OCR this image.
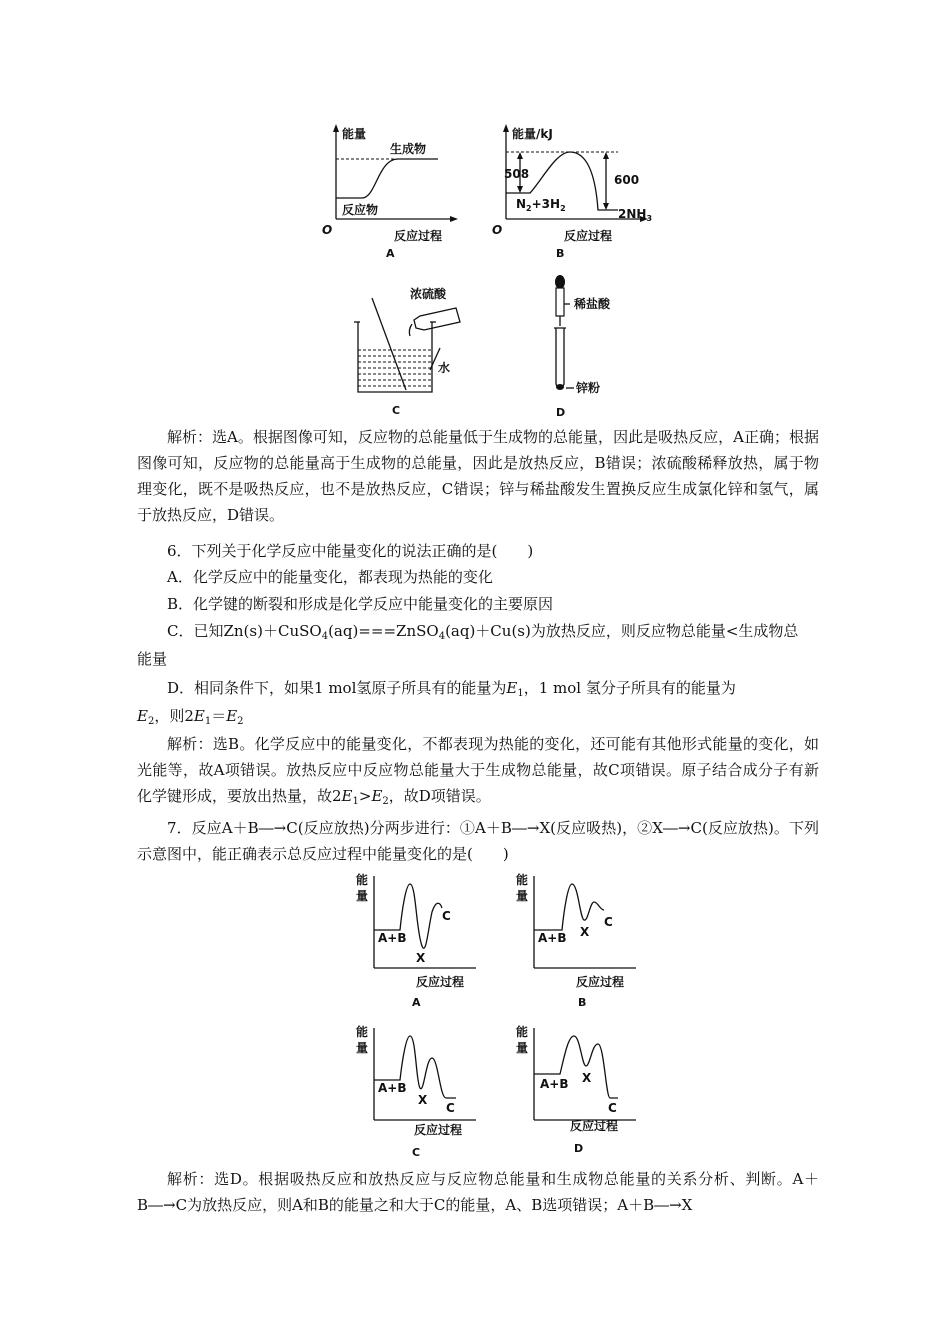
能量
生成物
反应物
O	反应过程
A
能量/kJ
508	600
$N_2+3H_2$	$2NH_3$
O	反应过程
B
浓硫酸
水
C
稀盐酸
锌粉
D

解析：选A。根据图像可知，反应物的总能量低于生成物的总能量，因此是吸热反应，A正确；根据图像可知，反应物的总能量高于生成物的总能量，因此是放热反应，B错误；浓硫酸稀释放热，属于物理变化，既不是吸热反应，也不是放热反应，C错误；锌与稀盐酸发生置换反应生成氯化锌和氢气，属于放热反应，D错误。

6．下列关于化学反应中能量变化的说法正确的是(　　)

A．化学反应中的能量变化，都表现为热能的变化

B．化学键的断裂和形成是化学反应中能量变化的主要原因

C．已知Zn(s)＋CuSO$_4$(aq)===ZnSO$_4$(aq)＋Cu(s)为放热反应，则反应物总能量<生成物总

能量

D．相同条件下，如果1 mol氢原子所具有的能量为$E_1$，1 mol 氢分子所具有的能量为

$E_2$，则$2E_1=E_2$

解析：选B。化学反应中的能量变化，不都表现为热能的变化，还可能有其他形式能量的变化，如光能等，故A项错误。放热反应中反应物总能量大于生成物总能量，故C项错误。原子结合成分子有新化学键形成，要放出热量，故$2E_1>E_2$，故D项错误。

7．反应A＋B―→C(反应放热)分两步进行：①A＋B―→X(反应吸热)，②X―→C(反应放热)。下列示意图中，能正确表示总反应过程中能量变化的是(　　)

能
量
A+B
X
C
反应过程
A
能
量
A+B X
C
反应过程
B
能
量
A+B
X
C
反应过程
C
能
量
A+B X
C
反应过程
D

解析：选D。根据吸热反应和放热反应与反应物总能量和生成物总能量的关系分析、判断。A＋B―→C为放热反应，则A和B的能量之和大于C的能量，A、B选项错误；A＋B―→X
